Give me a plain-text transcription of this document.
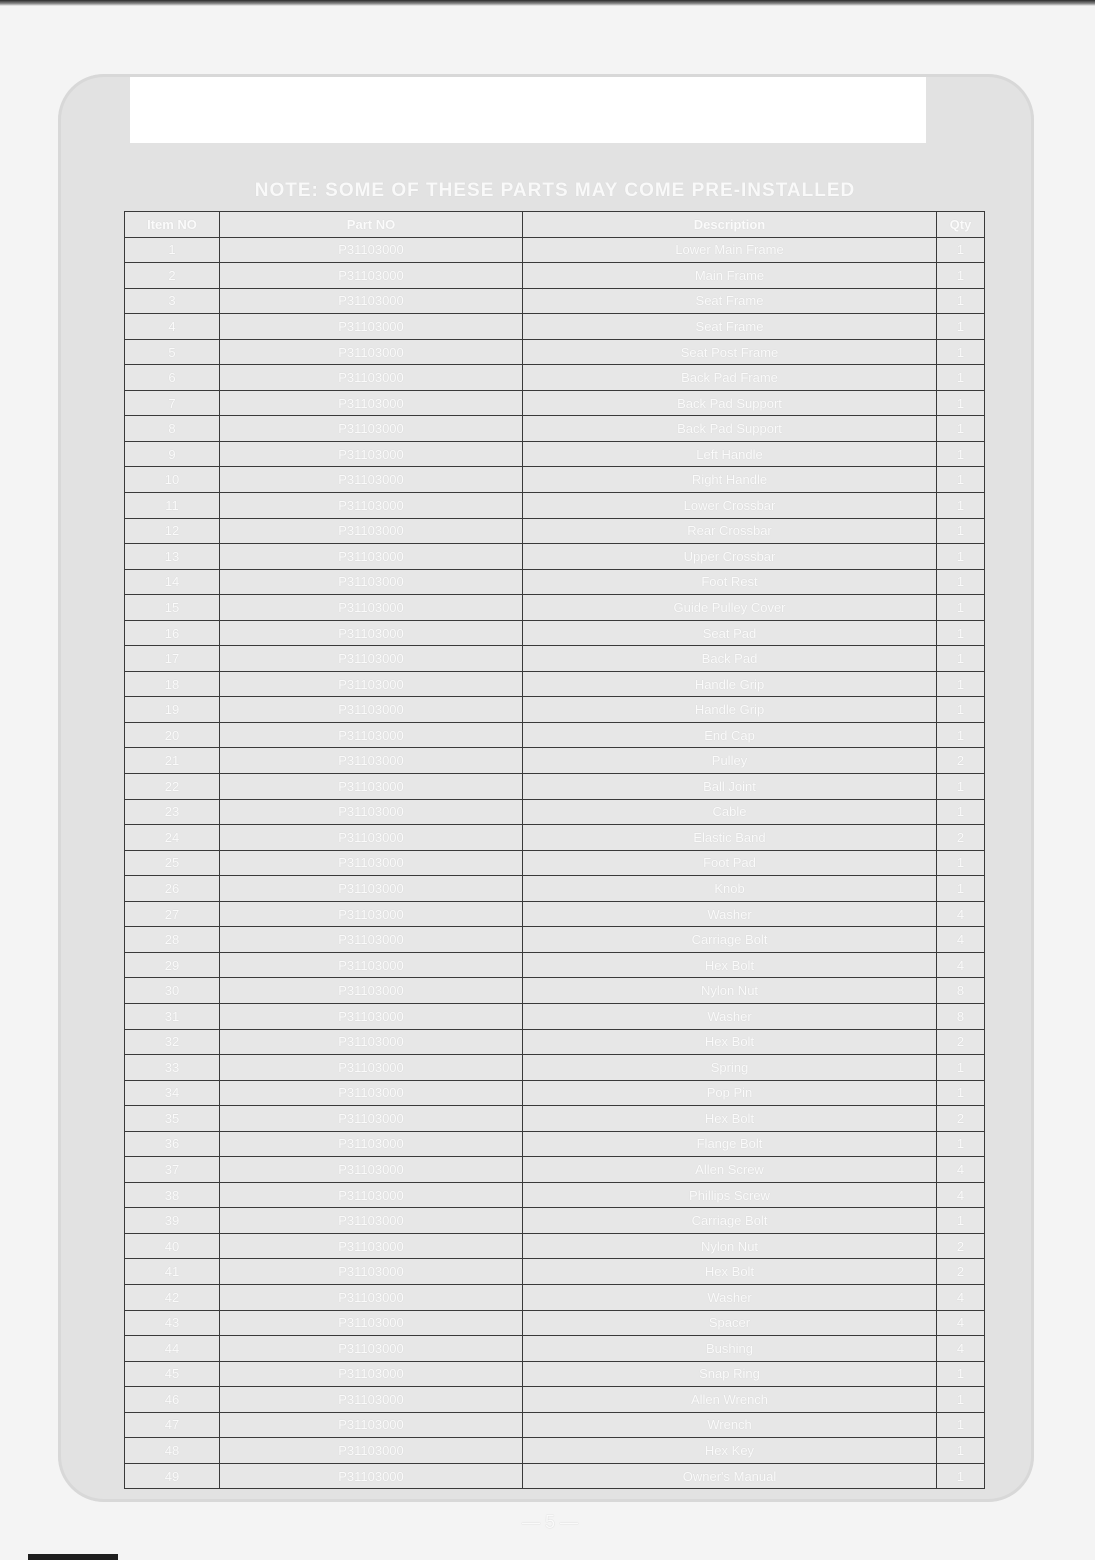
NOTE: SOME OF THESE PARTS MAY COME PRE-INSTALLED
Item NO	Part NO	Description	Qty
1	P31103000	Lower Main Frame	1
2	P31103000	Main Frame	1
3	P31103000	Seat Frame	1
4	P31103000	Seat Frame	1
5	P31103000	Seat Post Frame	1
6	P31103000	Back Pad Frame	1
7	P31103000	Back Pad Support	1
8	P31103000	Back Pad Support	1
9	P31103000	Left Handle	1
10	P31103000	Right Handle	1
11	P31103000	Lower Crossbar	1
12	P31103000	Rear Crossbar	1
13	P31103000	Upper Crossbar	1
14	P31103000	Foot Rest	1
15	P31103000	Guide Pulley Cover	1
16	P31103000	Seat Pad	1
17	P31103000	Back Pad	1
18	P31103000	Handle Grip	1
19	P31103000	Handle Grip	1
20	P31103000	End Cap	1
21	P31103000	Pulley	2
22	P31103000	Ball Joint	1
23	P31103000	Cable	1
24	P31103000	Elastic Band	2
25	P31103000	Foot Pad	1
26	P31103000	Knob	1
27	P31103000	Washer	4
28	P31103000	Carriage Bolt	4
29	P31103000	Hex Bolt	4
30	P31103000	Nylon Nut	8
31	P31103000	Washer	8
32	P31103000	Hex Bolt	2
33	P31103000	Spring	1
34	P31103000	Pop Pin	1
35	P31103000	Hex Bolt	2
36	P31103000	Flange Bolt	1
37	P31103000	Allen Screw	4
38	P31103000	Phillips Screw	4
39	P31103000	Carriage Bolt	1
40	P31103000	Nylon Nut	2
41	P31103000	Hex Bolt	2
42	P31103000	Washer	4
43	P31103000	Spacer	4
44	P31103000	Bushing	4
45	P31103000	Snap Ring	1
46	P31103000	Allen Wrench	1
47	P31103000	Wrench	1
48	P31103000	Hex Key	1
49	P31103000	Owner's Manual	1
— 5 —
